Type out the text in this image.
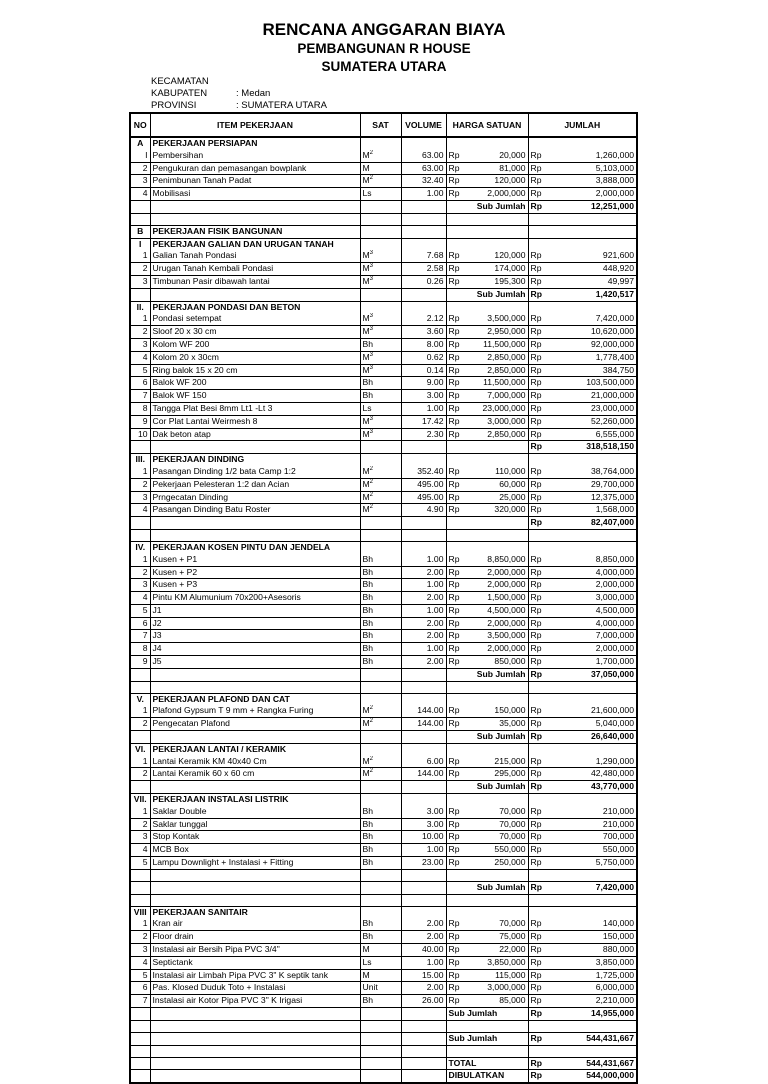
RENCANA ANGGARAN BIAYA
PEMBANGUNAN R HOUSE
SUMATERA UTARA
KECAMATAN
KABUPATEN	: Medan
PROVINSI	: SUMATERA UTARA
NO	ITEM PEKERJAAN	SAT	VOLUME	HARGA SATUAN		JUMLAH	
A	PEKERJAAN PERSIAPAN						
I	Pembersihan	$M^2$	63.00	Rp	20,000	Rp	1,260,000
2	Pengukuran dan pemasangan bowplank	M	63.00	Rp	81,000	Rp	5,103,000
3	Penimbunan Tanah Padat	$M^2$	32.40	Rp	120,000	Rp	3,888,000
4	Mobilisasi	Ls	1.00	Rp	2,000,000	Rp	2,000,000
				Sub Jumlah		Rp	12,251,000

B	PEKERJAAN FISIK BANGUNAN						
I	PEKERJAAN GALIAN DAN URUGAN TANAH						
1	Galian Tanah Pondasi	$M^3$	7.68	Rp	120,000	Rp	921,600
2	Urugan Tanah Kembali Pondasi	$M^3$	2.58	Rp	174,000	Rp	448,920
3	Timbunan Pasir dibawah lantai	$M^3$	0.26	Rp	195,300	Rp	49,997
				Sub Jumlah		Rp	1,420,517
II.	PEKERJAAN PONDASI DAN BETON						
1	Pondasi setempat	$M^3$	2.12	Rp	3,500,000	Rp	7,420,000
2	Sloof 20 x 30 cm	$M^3$	3.60	Rp	2,950,000	Rp	10,620,000
3	Kolom WF 200	Bh	8.00	Rp	11,500,000	Rp	92,000,000
4	Kolom 20 x 30cm	$M^3$	0.62	Rp	2,850,000	Rp	1,778,400
5	Ring balok 15 x 20 cm	$M^3$	0.14	Rp	2,850,000	Rp	384,750
6	Balok WF 200	Bh	9.00	Rp	11,500,000	Rp	103,500,000
7	Balok WF 150	Bh	3.00	Rp	7,000,000	Rp	21,000,000
8	Tangga Plat Besi 8mm Lt1 -Lt 3	Ls	1.00	Rp	23,000,000	Rp	23,000,000
9	Cor Plat Lantai Weirmesh 8	$M^3$	17.42	Rp	3,000,000	Rp	52,260,000
10	Dak beton atap	$M^3$	2.30	Rp	2,850,000	Rp	6,555,000
						Rp	318,518,150
III.	PEKERJAAN DINDING						
1	Pasangan Dinding 1/2 bata Camp 1:2	$M^2$	352.40	Rp	110,000	Rp	38,764,000
2	Pekerjaan Pelesteran 1:2 dan Acian	$M^2$	495.00	Rp	60,000	Rp	29,700,000
3	Prngecatan Dinding	$M^2$	495.00	Rp	25,000	Rp	12,375,000
4	Pasangan Dinding Batu Roster	$M^2$	4.90	Rp	320,000	Rp	1,568,000
						Rp	82,407,000

IV.	PEKERJAAN KOSEN PINTU DAN JENDELA						
1	Kusen + P1	Bh	1.00	Rp	8,850,000	Rp	8,850,000
2	Kusen + P2	Bh	2.00	Rp	2,000,000	Rp	4,000,000
3	Kusen + P3	Bh	1.00	Rp	2,000,000	Rp	2,000,000
4	Pintu KM Alumunium 70x200+Asesoris	Bh	2.00	Rp	1,500,000	Rp	3,000,000
5	J1	Bh	1.00	Rp	4,500,000	Rp	4,500,000
6	J2	Bh	2.00	Rp	2,000,000	Rp	4,000,000
7	J3	Bh	2.00	Rp	3,500,000	Rp	7,000,000
8	J4	Bh	1.00	Rp	2,000,000	Rp	2,000,000
9	J5	Bh	2.00	Rp	850,000	Rp	1,700,000
				Sub Jumlah		Rp	37,050,000

V.	PEKERJAAN PLAFOND DAN CAT						
1	Plafond Gypsum T 9 mm + Rangka Furing	$M^2$	144.00	Rp	150,000	Rp	21,600,000
2	Pengecatan Plafond	$M^2$	144.00	Rp	35,000	Rp	5,040,000
				Sub Jumlah		Rp	26,640,000
VI.	PEKERJAAN LANTAI / KERAMIK						
1	Lantai Keramik KM 40x40 Cm	$M^2$	6.00	Rp	215,000	Rp	1,290,000
2	Lantai Keramik 60 x 60 cm	$M^2$	144.00	Rp	295,000	Rp	42,480,000
				Sub Jumlah		Rp	43,770,000
VII.	PEKERJAAN INSTALASI LISTRIK						
1	Saklar Double	Bh	3.00	Rp	70,000	Rp	210,000
2	Saklar tunggal	Bh	3.00	Rp	70,000	Rp	210,000
3	Stop Kontak	Bh	10.00	Rp	70,000	Rp	700,000
4	MCB Box	Bh	1.00	Rp	550,000	Rp	550,000
5	Lampu Downlight + Instalasi + Fitting	Bh	23.00	Rp	250,000	Rp	5,750,000

				Sub Jumlah		Rp	7,420,000

VIII	PEKERJAAN SANITAIR						
1	Kran air	Bh	2.00	Rp	70,000	Rp	140,000
2	Floor drain	Bh	2.00	Rp	75,000	Rp	150,000
3	Instalasi air Bersih Pipa PVC 3/4"	M	40.00	Rp	22,000	Rp	880,000
4	Septictank	Ls	1.00	Rp	3,850,000	Rp	3,850,000
5	Instalasi air Limbah Pipa PVC 3" K septik tank	M	15.00	Rp	115,000	Rp	1,725,000
6	Pas. Klosed Duduk Toto + Instalasi	Unit	2.00	Rp	3,000,000	Rp	6,000,000
7	Instalasi air Kotor Pipa PVC 3" K Irigasi	Bh	26.00	Rp	85,000	Rp	2,210,000
				Sub Jumlah		Rp	14,955,000

				Sub Jumlah		Rp	544,431,667

				TOTAL		Rp	544,431,667
				DIBULATKAN		Rp	544,000,000
